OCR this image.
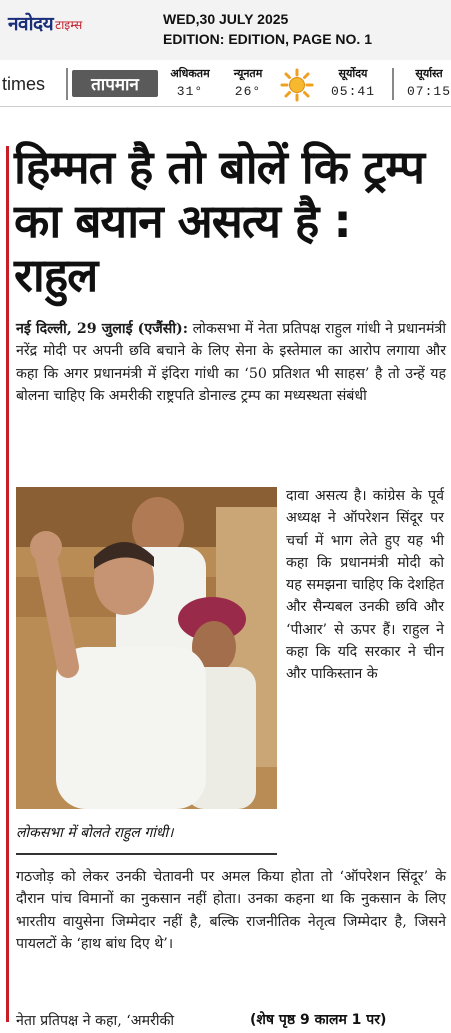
नवोदय टाइम्स	WED,30 JULY 2025
EDITION: EDITION, PAGE NO. 1
times	तापमान
अधिकतम
31°
न्यूनतम
26°
सूर्योदय
05:41
सूर्यास्त
07:15
हिम्मत है तो बोलें कि ट्रम्प
का बयान असत्य है : राहुल
नई दिल्ली, 29 जुलाई (एजैंसी): लोकसभा में नेता प्रतिपक्ष राहुल गांधी ने प्रधानमंत्री नरेंद्र मोदी पर अपनी छवि बचाने के लिए सेना के इस्तेमाल का आरोप लगाया और कहा कि अगर प्रधानमंत्री में इंदिरा गांधी का ‘50 प्रतिशत भी साहस’ है तो उन्हें यह बोलना चाहिए कि अमरीकी राष्ट्रपति डोनाल्ड ट्रम्प का मध्यस्थता संबंधी
लोकसभा में बोलते राहुल गांधी।
दावा असत्य है। कांग्रेस के पूर्व अध्यक्ष ने ऑपरेशन सिंदूर पर चर्चा में भाग लेते हुए यह भी कहा कि प्रधानमंत्री मोदी को यह समझना चाहिए कि देशहित और सैन्यबल उनकी छवि और ‘पीआर’ से ऊपर हैं। राहुल ने कहा कि यदि सरकार ने चीन और पाकिस्तान के
गठजोड़ को लेकर उनकी चेतावनी पर अमल किया होता तो ‘ऑपरेशन सिंदूर’ के दौरान पांच विमानों का नुकसान नहीं होता। उनका कहना था कि नुकसान के लिए भारतीय वायुसेना जिम्मेदार नहीं है, बल्कि राजनीतिक नेतृत्व जिम्मेदार है, जिसने पायलटों के ‘हाथ बांध दिए थे’।
नेता प्रतिपक्ष ने कहा, ‘अमरीकी	(शेष पृष्ठ 9 कालम 1 पर)
